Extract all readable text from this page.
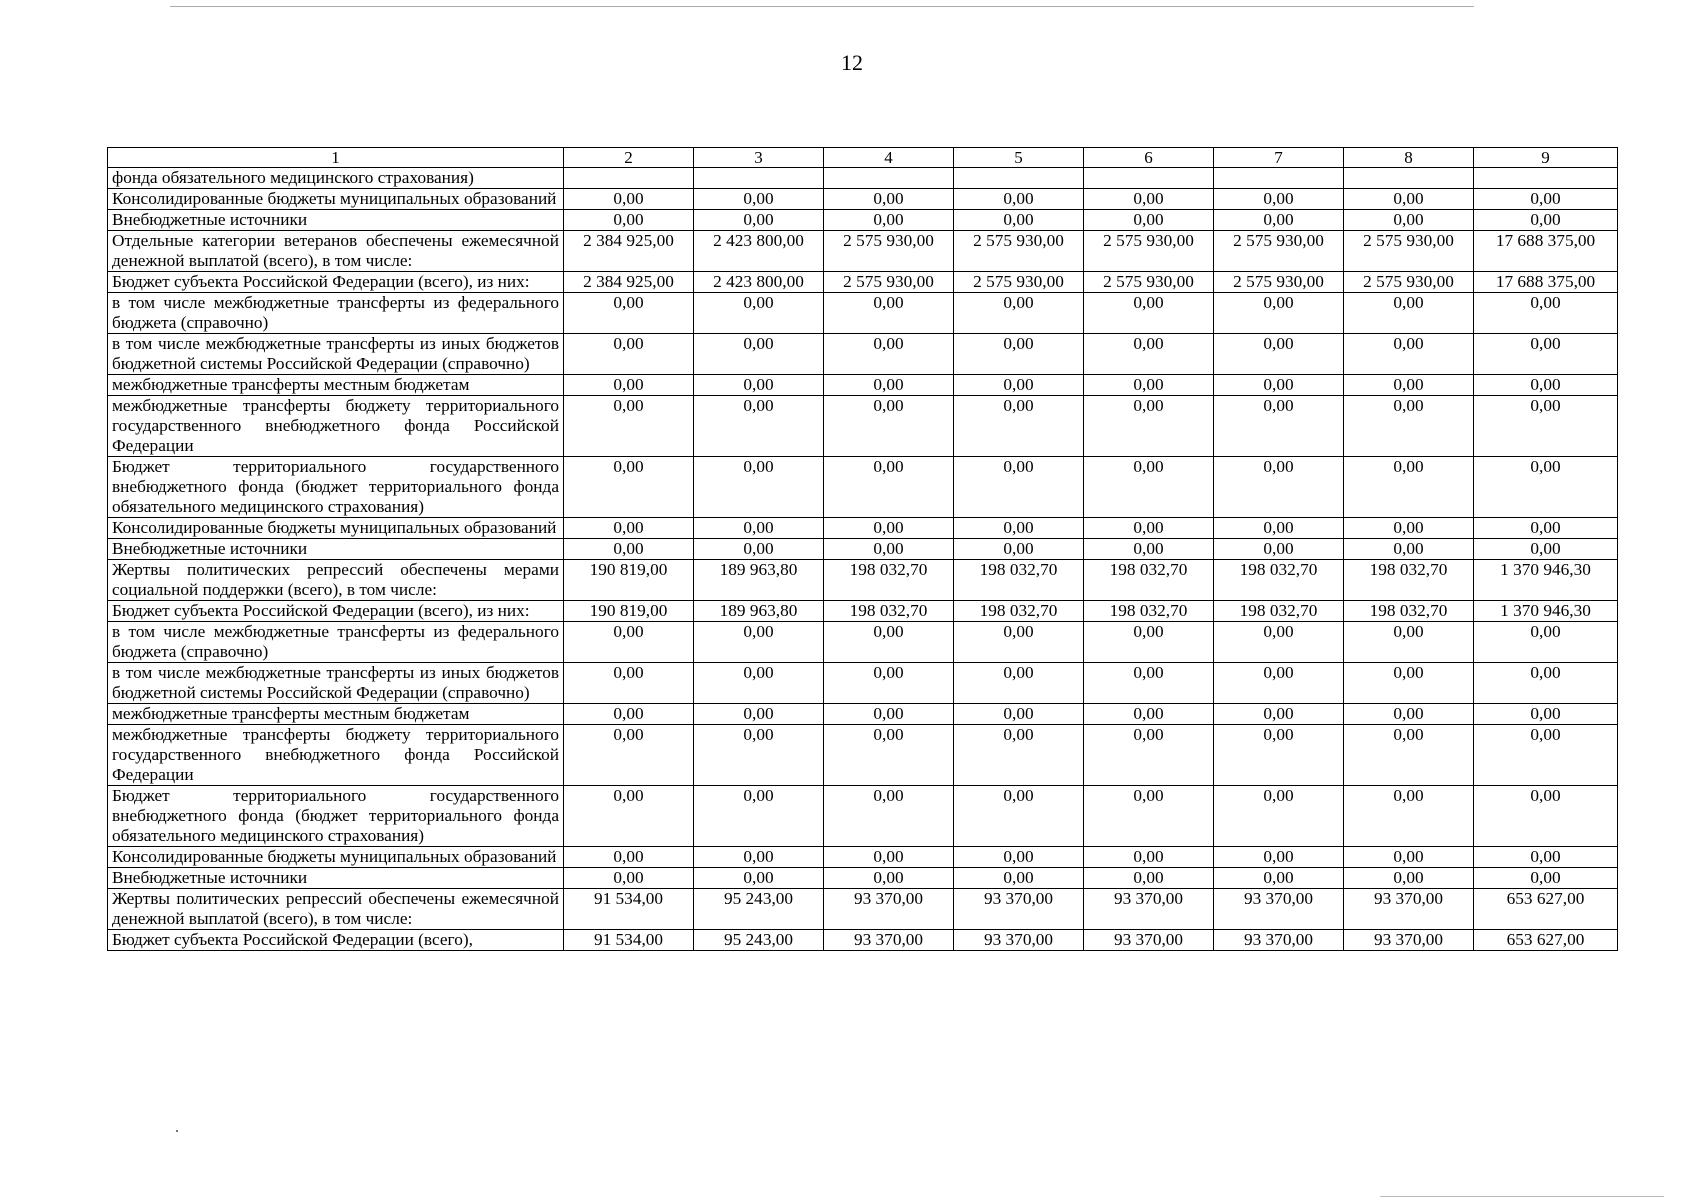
12
1	2	3	4	5	6	7	8	9
фонда обязательного медицинского страхования)								
Консолидированные бюджеты муниципальных образований	0,00	0,00	0,00	0,00	0,00	0,00	0,00	0,00
Внебюджетные источники	0,00	0,00	0,00	0,00	0,00	0,00	0,00	0,00
Отдельные категории ветеранов обеспечены ежемесячной денежной выплатой (всего), в том числе:	2 384 925,00	2 423 800,00	2 575 930,00	2 575 930,00	2 575 930,00	2 575 930,00	2 575 930,00	17 688 375,00
Бюджет субъекта Российской Федерации (всего), из них:	2 384 925,00	2 423 800,00	2 575 930,00	2 575 930,00	2 575 930,00	2 575 930,00	2 575 930,00	17 688 375,00
в том числе межбюджетные трансферты из федерального бюджета (справочно)	0,00	0,00	0,00	0,00	0,00	0,00	0,00	0,00
в том числе межбюджетные трансферты из иных бюджетов бюджетной системы Российской Федерации (справочно)	0,00	0,00	0,00	0,00	0,00	0,00	0,00	0,00
межбюджетные трансферты местным бюджетам	0,00	0,00	0,00	0,00	0,00	0,00	0,00	0,00
межбюджетные трансферты бюджету территориального государственного внебюджетного фонда Российской Федерации	0,00	0,00	0,00	0,00	0,00	0,00	0,00	0,00
Бюджет территориального государственного внебюджетного фонда (бюджет территориального фонда обязательного медицинского страхования)	0,00	0,00	0,00	0,00	0,00	0,00	0,00	0,00
Консолидированные бюджеты муниципальных образований	0,00	0,00	0,00	0,00	0,00	0,00	0,00	0,00
Внебюджетные источники	0,00	0,00	0,00	0,00	0,00	0,00	0,00	0,00
Жертвы политических репрессий обеспечены мерами социальной поддержки (всего), в том числе:	190 819,00	189 963,80	198 032,70	198 032,70	198 032,70	198 032,70	198 032,70	1 370 946,30
Бюджет субъекта Российской Федерации (всего), из них:	190 819,00	189 963,80	198 032,70	198 032,70	198 032,70	198 032,70	198 032,70	1 370 946,30
в том числе межбюджетные трансферты из федерального бюджета (справочно)	0,00	0,00	0,00	0,00	0,00	0,00	0,00	0,00
в том числе межбюджетные трансферты из иных бюджетов бюджетной системы Российской Федерации (справочно)	0,00	0,00	0,00	0,00	0,00	0,00	0,00	0,00
межбюджетные трансферты местным бюджетам	0,00	0,00	0,00	0,00	0,00	0,00	0,00	0,00
межбюджетные трансферты бюджету территориального государственного внебюджетного фонда Российской Федерации	0,00	0,00	0,00	0,00	0,00	0,00	0,00	0,00
Бюджет территориального государственного внебюджетного фонда (бюджет территориального фонда обязательного медицинского страхования)	0,00	0,00	0,00	0,00	0,00	0,00	0,00	0,00
Консолидированные бюджеты муниципальных образований	0,00	0,00	0,00	0,00	0,00	0,00	0,00	0,00
Внебюджетные источники	0,00	0,00	0,00	0,00	0,00	0,00	0,00	0,00
Жертвы политических репрессий обеспечены ежемесячной денежной выплатой (всего), в том числе:	91 534,00	95 243,00	93 370,00	93 370,00	93 370,00	93 370,00	93 370,00	653 627,00
Бюджет субъекта Российской Федерации (всего),	91 534,00	95 243,00	93 370,00	93 370,00	93 370,00	93 370,00	93 370,00	653 627,00
